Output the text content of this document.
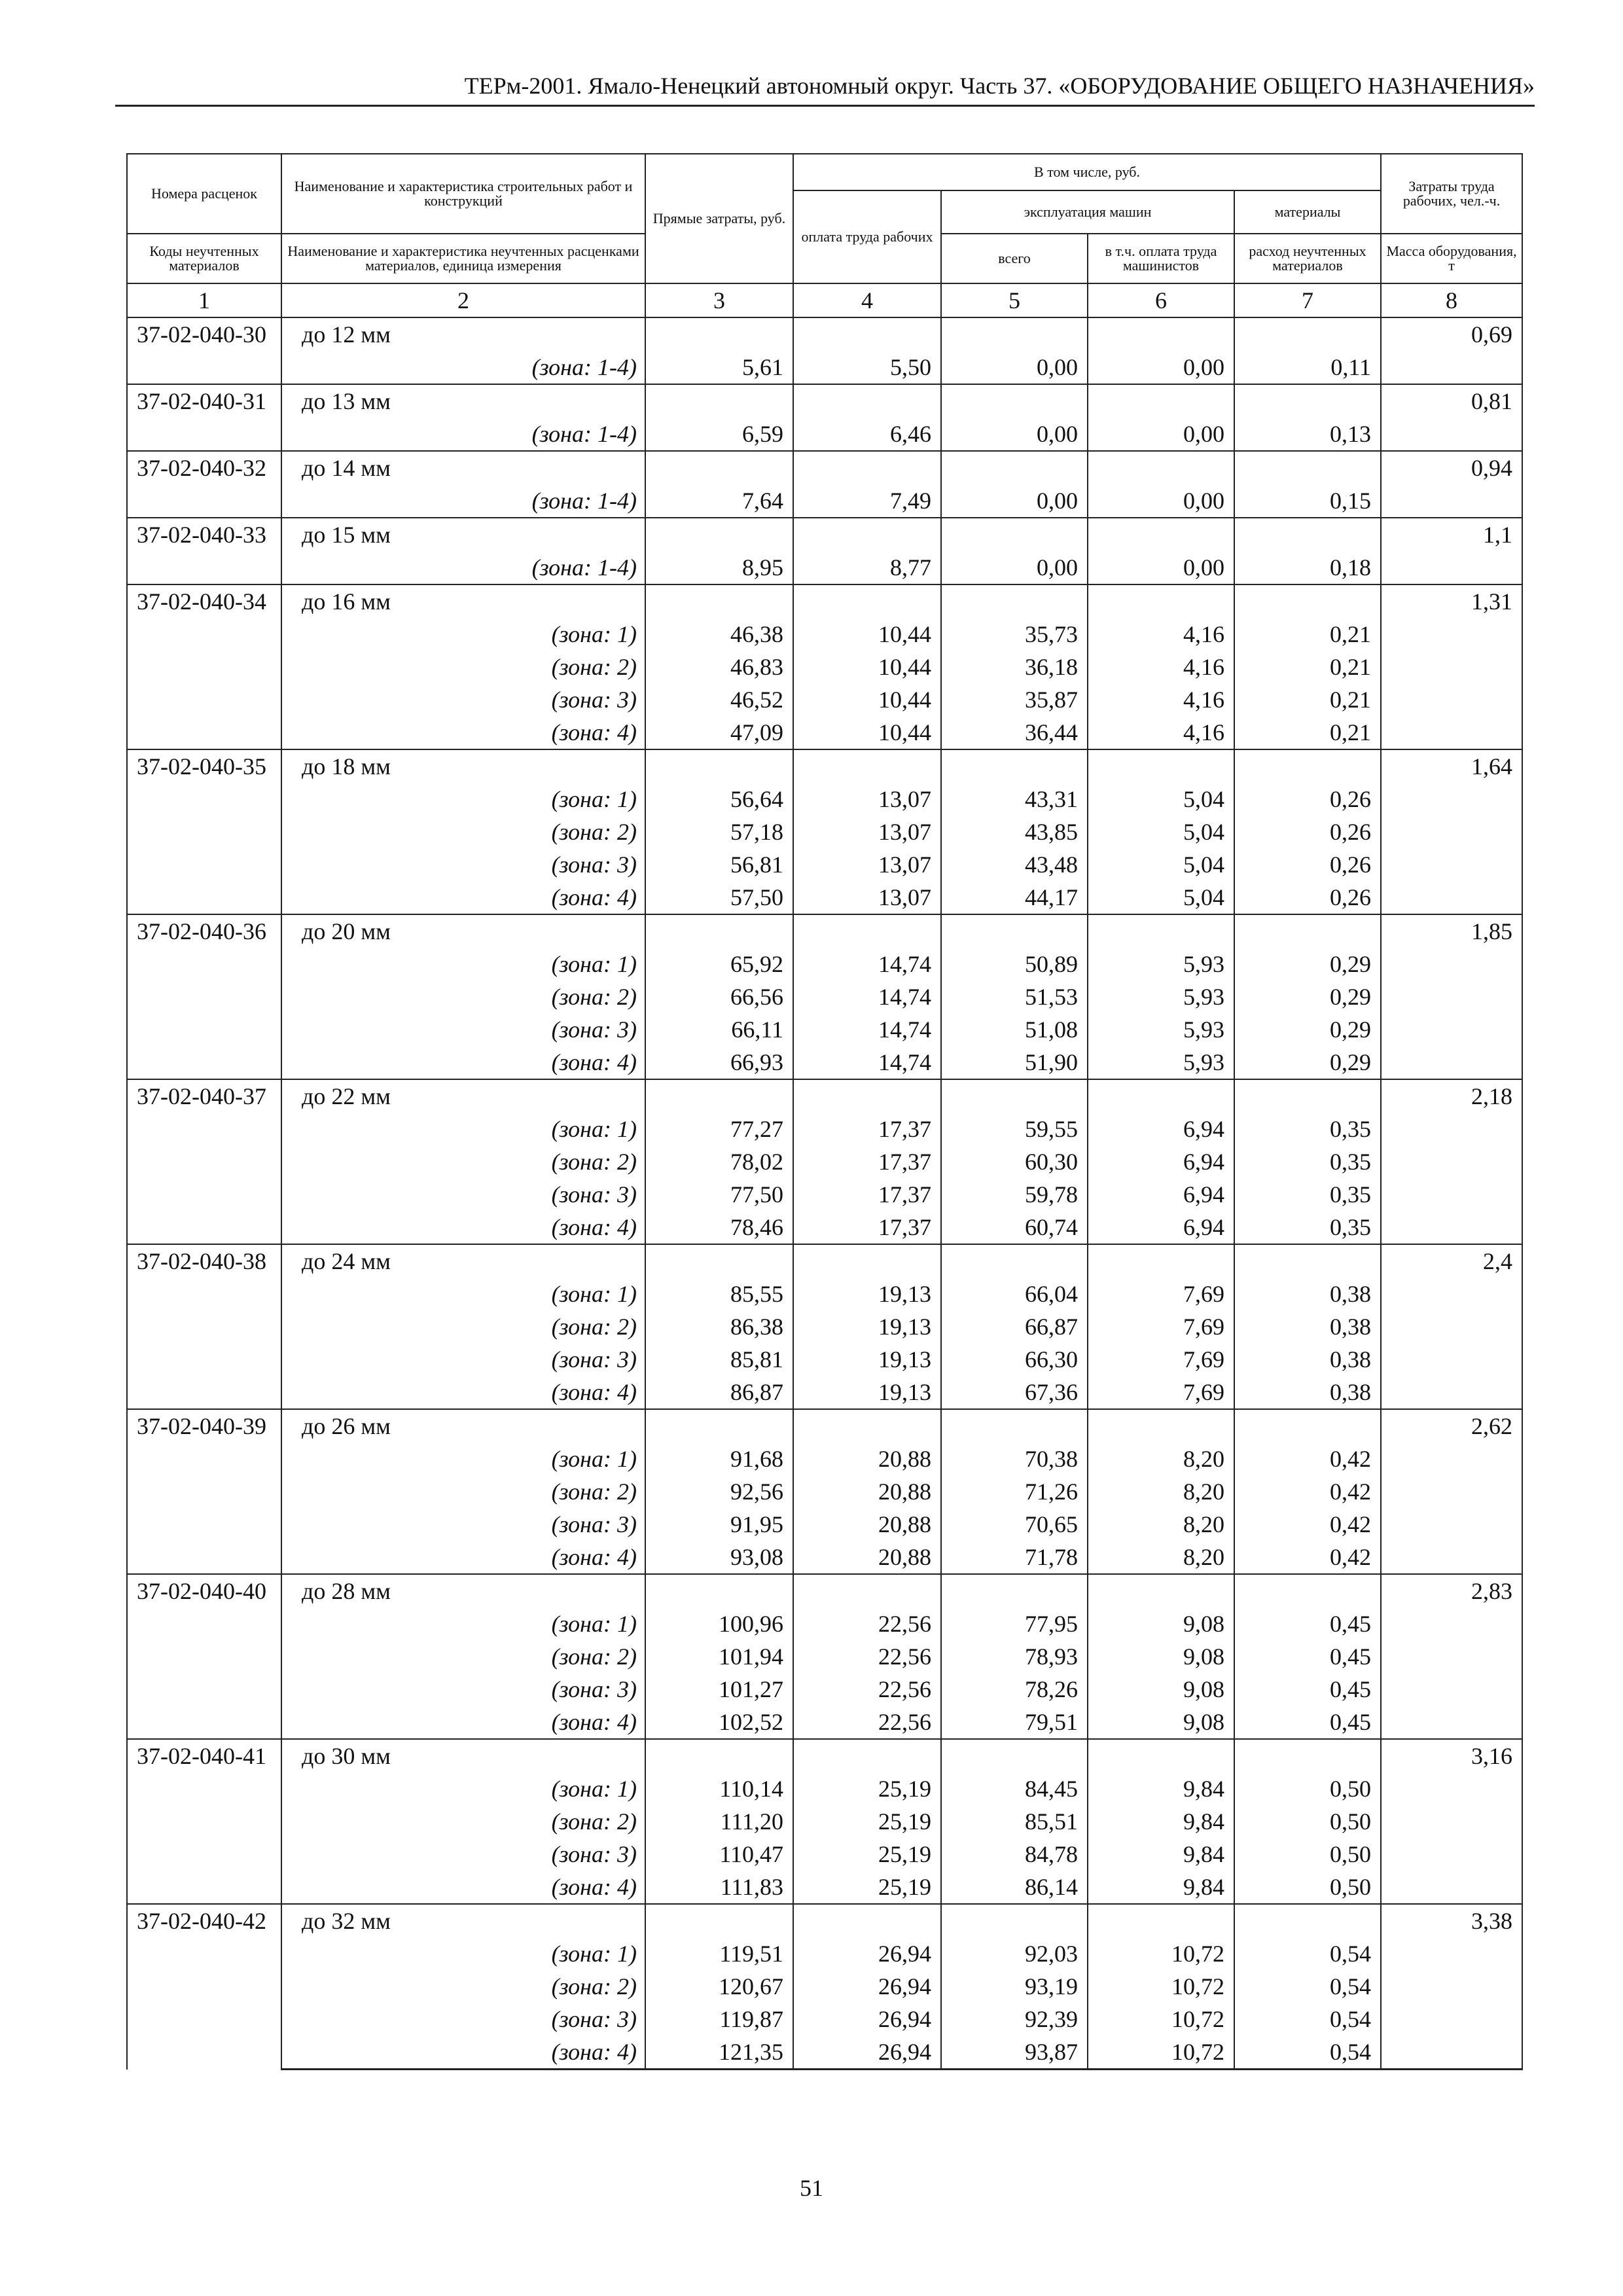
ТЕРм-2001. Ямало-Ненецкий автономный округ. Часть 37. «ОБОРУДОВАНИЕ ОБЩЕГО НАЗНАЧЕНИЯ»
Номера расценок	Наименование и характеристика строительных работ и конструкций	Прямые затраты, руб.	В том числе, руб.				Затраты труда рабочих, чел.-ч.
			оплата труда рабочих	эксплуатация машин		материалы	
Коды неучтенных материалов	Наименование и характеристика неучтенных расценками материалов, единица измерения			всего	в т.ч. оплата труда машинистов	расход неучтенных материалов	Масса оборудования, т
1	2	3	4	5	6	7	8
37-02-040-30	до 12 мм						0,69
	(зона: 1-4)	5,61	5,50	0,00	0,00	0,11	
37-02-040-31	до 13 мм						0,81
	(зона: 1-4)	6,59	6,46	0,00	0,00	0,13	
37-02-040-32	до 14 мм						0,94
	(зона: 1-4)	7,64	7,49	0,00	0,00	0,15	
37-02-040-33	до 15 мм						1,1
	(зона: 1-4)	8,95	8,77	0,00	0,00	0,18	
37-02-040-34	до 16 мм						1,31
	(зона: 1)	46,38	10,44	35,73	4,16	0,21	
	(зона: 2)	46,83	10,44	36,18	4,16	0,21	
	(зона: 3)	46,52	10,44	35,87	4,16	0,21	
	(зона: 4)	47,09	10,44	36,44	4,16	0,21	
37-02-040-35	до 18 мм						1,64
	(зона: 1)	56,64	13,07	43,31	5,04	0,26	
	(зона: 2)	57,18	13,07	43,85	5,04	0,26	
	(зона: 3)	56,81	13,07	43,48	5,04	0,26	
	(зона: 4)	57,50	13,07	44,17	5,04	0,26	
37-02-040-36	до 20 мм						1,85
	(зона: 1)	65,92	14,74	50,89	5,93	0,29	
	(зона: 2)	66,56	14,74	51,53	5,93	0,29	
	(зона: 3)	66,11	14,74	51,08	5,93	0,29	
	(зона: 4)	66,93	14,74	51,90	5,93	0,29	
37-02-040-37	до 22 мм						2,18
	(зона: 1)	77,27	17,37	59,55	6,94	0,35	
	(зона: 2)	78,02	17,37	60,30	6,94	0,35	
	(зона: 3)	77,50	17,37	59,78	6,94	0,35	
	(зона: 4)	78,46	17,37	60,74	6,94	0,35	
37-02-040-38	до 24 мм						2,4
	(зона: 1)	85,55	19,13	66,04	7,69	0,38	
	(зона: 2)	86,38	19,13	66,87	7,69	0,38	
	(зона: 3)	85,81	19,13	66,30	7,69	0,38	
	(зона: 4)	86,87	19,13	67,36	7,69	0,38	
37-02-040-39	до 26 мм						2,62
	(зона: 1)	91,68	20,88	70,38	8,20	0,42	
	(зона: 2)	92,56	20,88	71,26	8,20	0,42	
	(зона: 3)	91,95	20,88	70,65	8,20	0,42	
	(зона: 4)	93,08	20,88	71,78	8,20	0,42	
37-02-040-40	до 28 мм						2,83
	(зона: 1)	100,96	22,56	77,95	9,08	0,45	
	(зона: 2)	101,94	22,56	78,93	9,08	0,45	
	(зона: 3)	101,27	22,56	78,26	9,08	0,45	
	(зона: 4)	102,52	22,56	79,51	9,08	0,45	
37-02-040-41	до 30 мм						3,16
	(зона: 1)	110,14	25,19	84,45	9,84	0,50	
	(зона: 2)	111,20	25,19	85,51	9,84	0,50	
	(зона: 3)	110,47	25,19	84,78	9,84	0,50	
	(зона: 4)	111,83	25,19	86,14	9,84	0,50	
37-02-040-42	до 32 мм						3,38
	(зона: 1)	119,51	26,94	92,03	10,72	0,54	
	(зона: 2)	120,67	26,94	93,19	10,72	0,54	
	(зона: 3)	119,87	26,94	92,39	10,72	0,54	
	(зона: 4)	121,35	26,94	93,87	10,72	0,54	
51
